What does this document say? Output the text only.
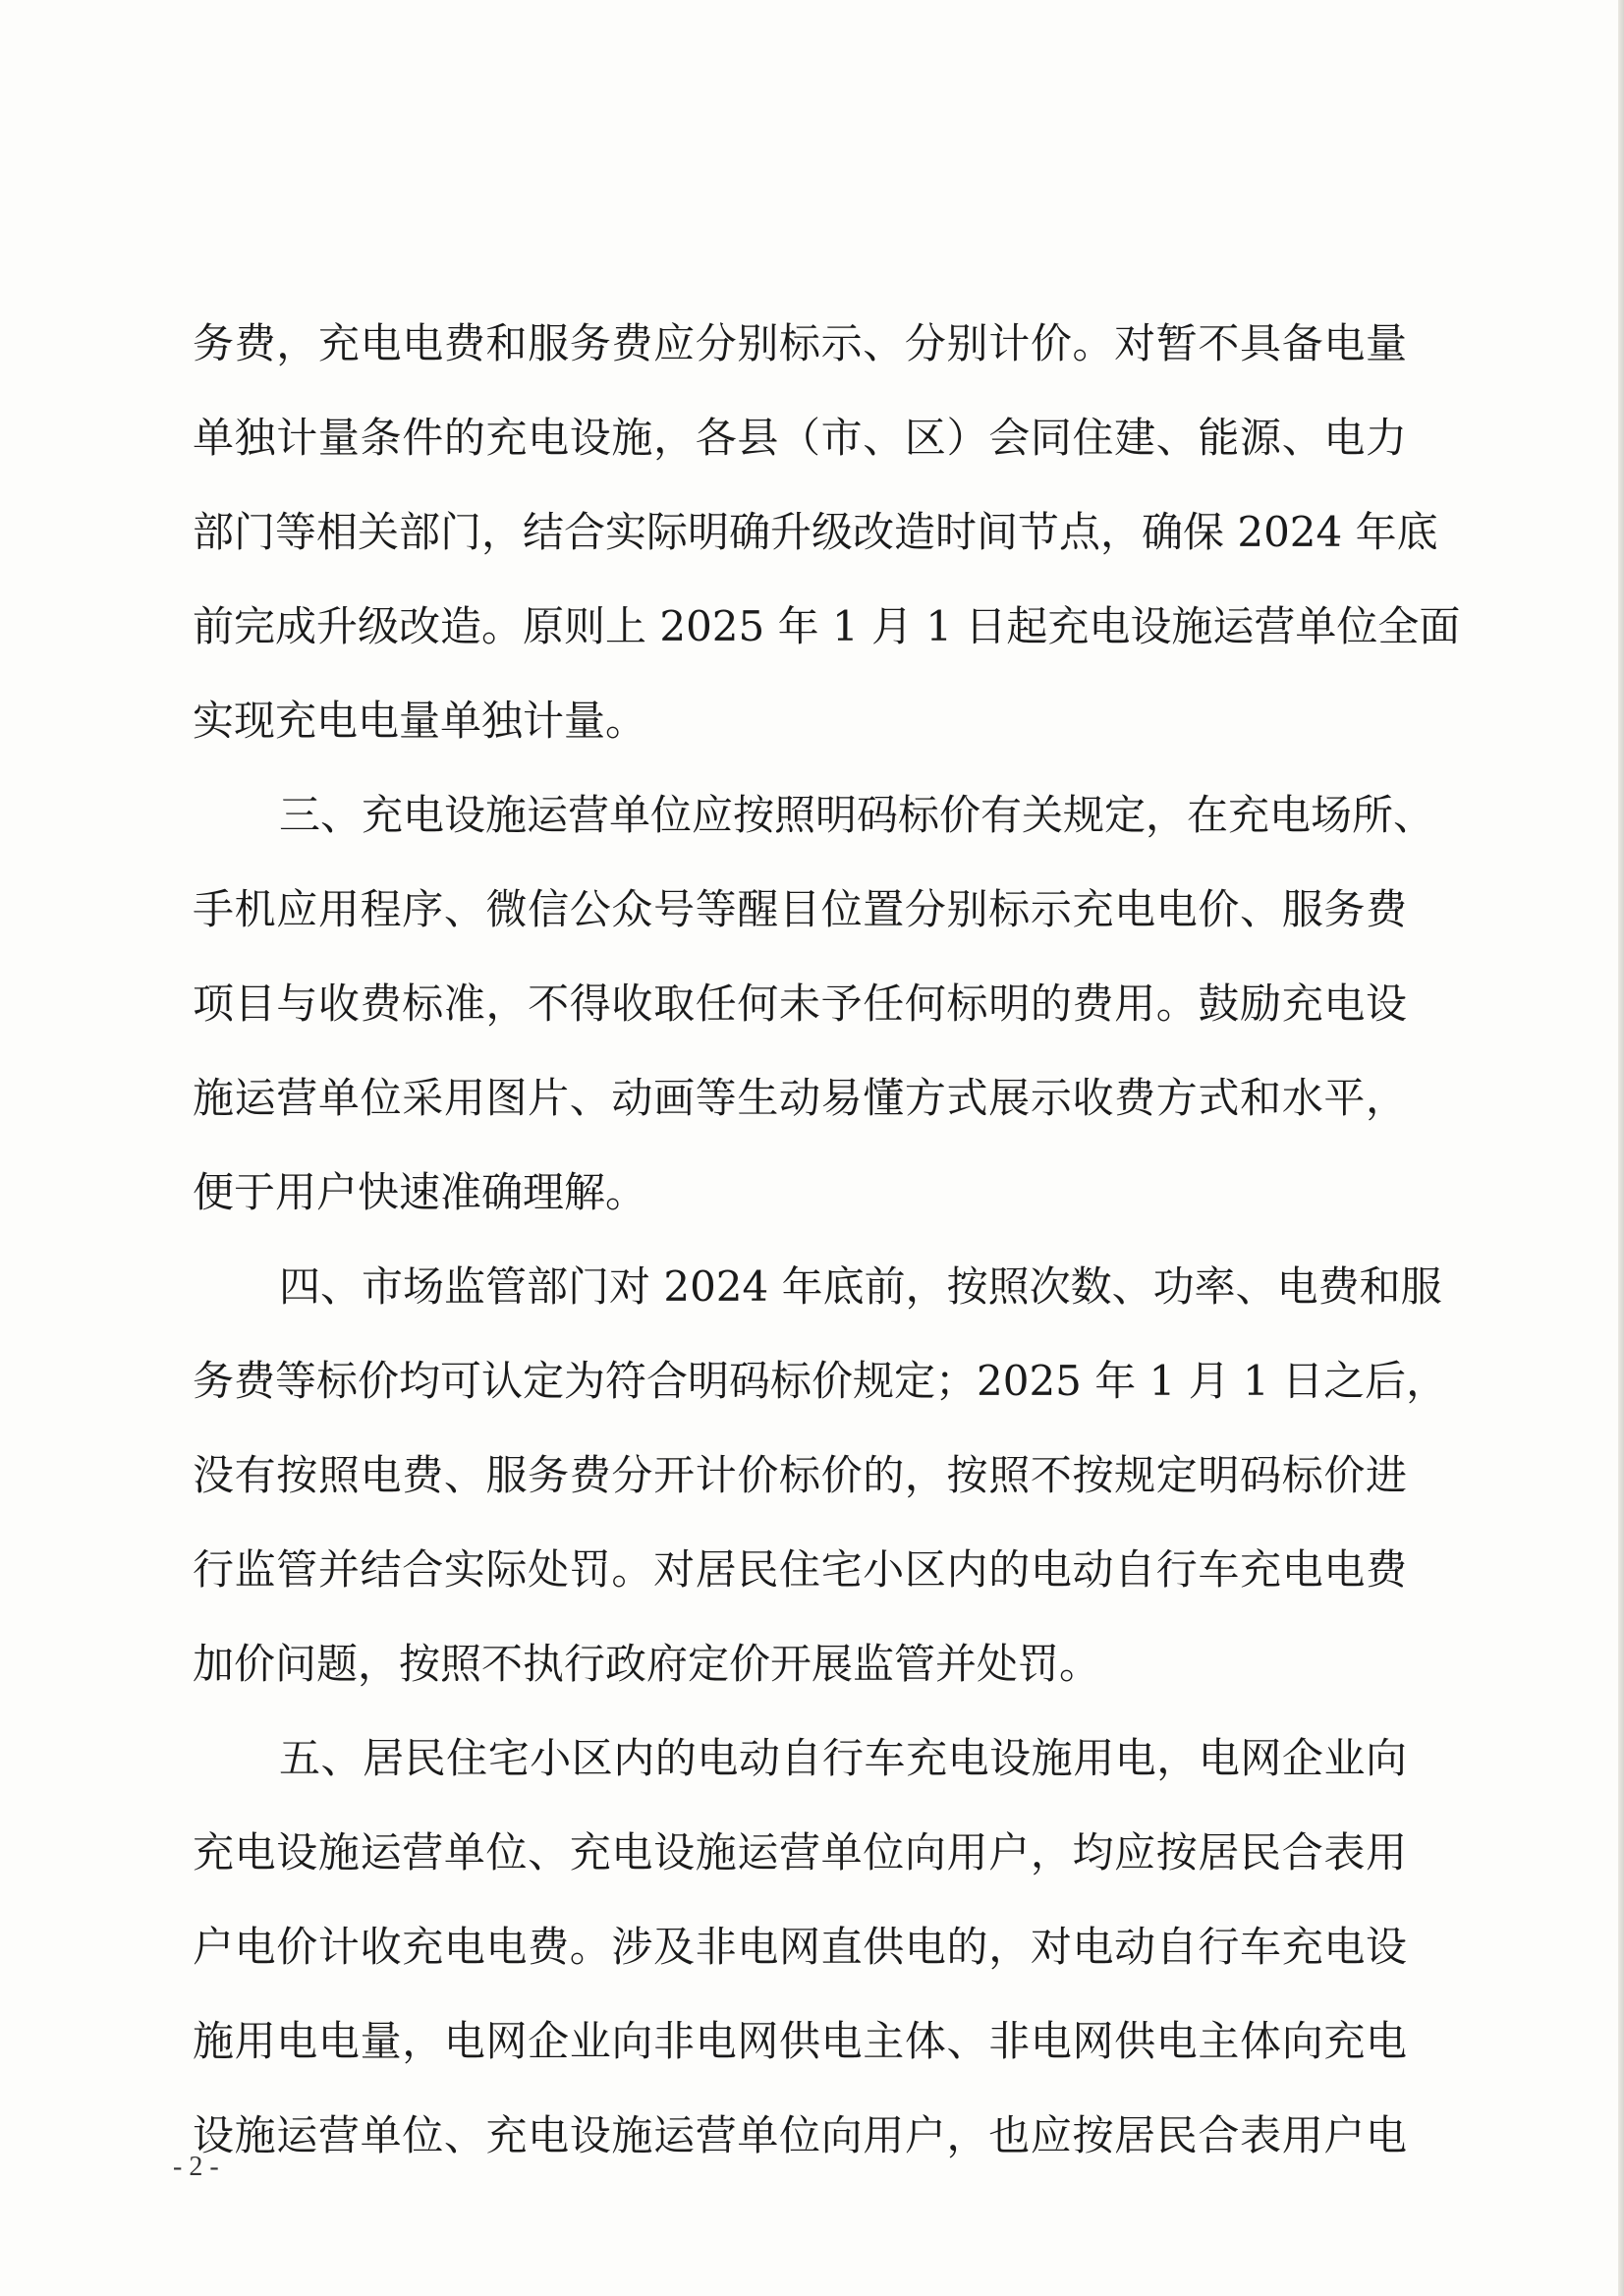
务费，充电电费和服务费应分别标示、分别计价。对暂不具备电量
单独计量条件的充电设施，各县（市、区）会同住建、能源、电力
部门等相关部门，结合实际明确升级改造时间节点，确保 2024 年底
前完成升级改造。原则上 2025 年 1 月 1 日起充电设施运营单位全面
实现充电电量单独计量。
三、充电设施运营单位应按照明码标价有关规定，在充电场所、
手机应用程序、微信公众号等醒目位置分别标示充电电价、服务费
项目与收费标准，不得收取任何未予任何标明的费用。鼓励充电设
施运营单位采用图片、动画等生动易懂方式展示收费方式和水平，
便于用户快速准确理解。
四、市场监管部门对 2024 年底前，按照次数、功率、电费和服
务费等标价均可认定为符合明码标价规定；2025 年 1 月 1 日之后，
没有按照电费、服务费分开计价标价的，按照不按规定明码标价进
行监管并结合实际处罚。对居民住宅小区内的电动自行车充电电费
加价问题，按照不执行政府定价开展监管并处罚。
五、居民住宅小区内的电动自行车充电设施用电，电网企业向
充电设施运营单位、充电设施运营单位向用户，均应按居民合表用
户电价计收充电电费。涉及非电网直供电的，对电动自行车充电设
施用电电量，电网企业向非电网供电主体、非电网供电主体向充电
设施运营单位、充电设施运营单位向用户，也应按居民合表用户电
- 2 -
